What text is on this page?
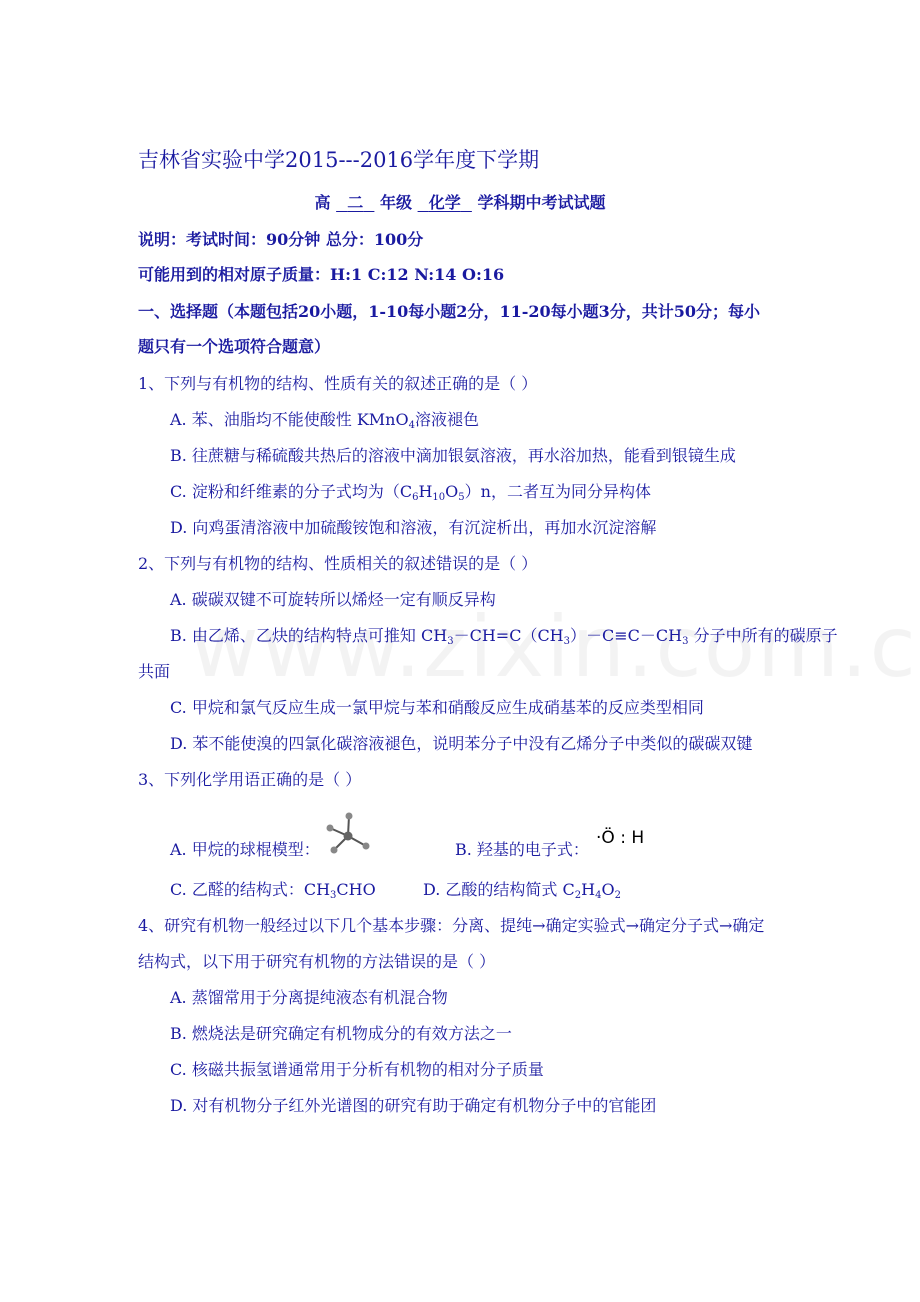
吉林省实验中学2015---2016学年度下学期
高 二 年级 化学 学科期中考试试题
说明：考试时间：90分钟 总分：100分
可能用到的相对原子质量：H:1 C:12 N:14 O:16
一、选择题（本题包括20小题，1-10每小题2分，11-20每小题3分，共计50分；每小
题只有一个选项符合题意）
1、下列与有机物的结构、性质有关的叙述正确的是（ ）
A. 苯、油脂均不能使酸性 KMnO$_4$溶液褪色
B. 往蔗糖与稀硫酸共热后的溶液中滴加银氨溶液，再水浴加热，能看到银镜生成
C. 淀粉和纤维素的分子式均为$(C_6H_{10}O_5)n$，二者互为同分异构体
D. 向鸡蛋清溶液中加硫酸铵饱和溶液，有沉淀析出，再加水沉淀溶解
2、下列与有机物的结构、性质相关的叙述错误的是（ ）
A. 碳碳双键不可旋转所以烯烃一定有顺反异构
B. 由乙烯、乙炔的结构特点可推知 $CH_3-CH=C(CH_3)-C\equiv C-CH_3$ 分子中所有的碳原子
共面
C. 甲烷和氯气反应生成一氯甲烷与苯和硝酸反应生成硝基苯的反应类型相同
D. 苯不能使溴的四氯化碳溶液褪色，说明苯分子中没有乙烯分子中类似的碳碳双键
3、下列化学用语正确的是（ ）
A. 甲烷的球棍模型：	B. 羟基的电子式：
·Ö : H
C. 乙醛的结构式：$CH_3CHO$	D. 乙酸的结构简式 $C_2H_4O_2$
4、研究有机物一般经过以下几个基本步骤：分离、提纯→确定实验式→确定分子式→确定
结构式，以下用于研究有机物的方法错误的是（ ）
A. 蒸馏常用于分离提纯液态有机混合物
B. 燃烧法是研究确定有机物成分的有效方法之一
C. 核磁共振氢谱通常用于分析有机物的相对分子质量
D. 对有机物分子红外光谱图的研究有助于确定有机物分子中的官能团
